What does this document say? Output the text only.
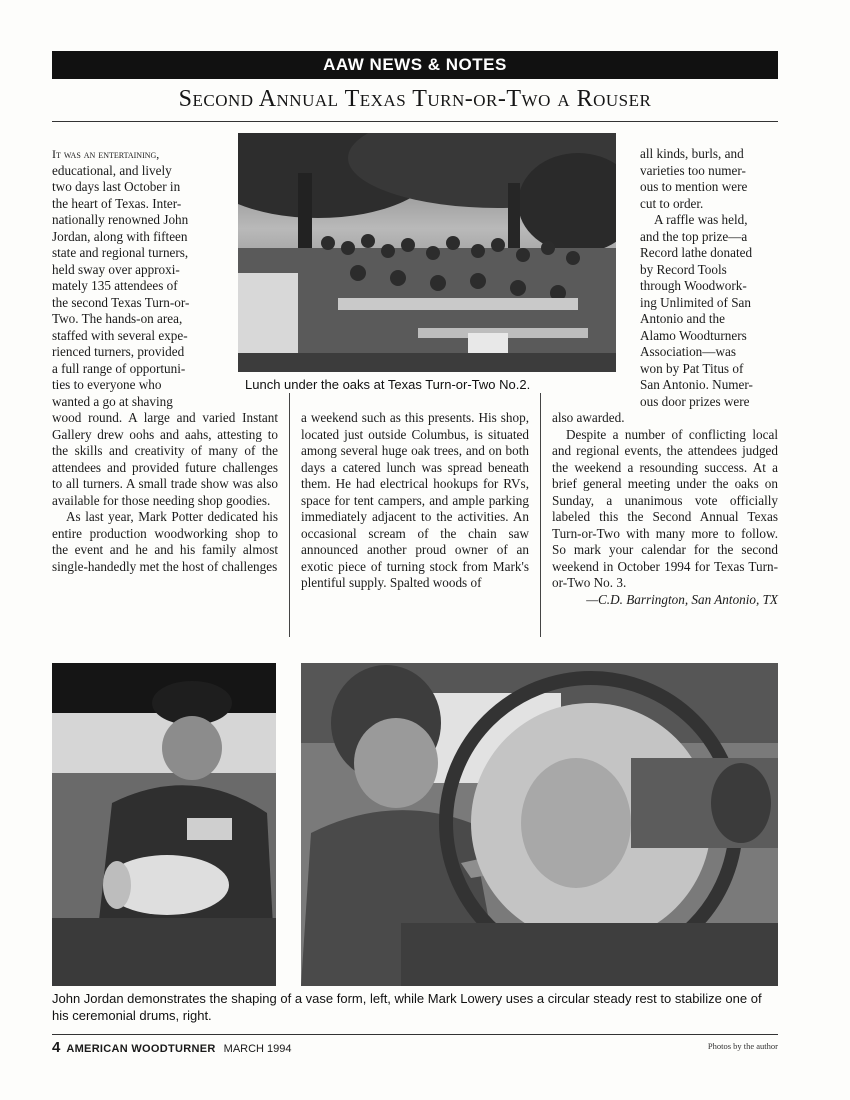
AAW NEWS & NOTES
Second Annual Texas Turn-or-Two a Rouser

It was an entertaining,
educational, and lively
two days last October in
the heart of Texas. Inter-
nationally renowned John
Jordan, along with fifteen
state and regional turners,
held sway over approxi-
mately 135 attendees of
the second Texas Turn-or-
Two. The hands-on area,
staffed with several expe-
rienced turners, provided
a full range of opportuni-
ties to everyone who
wanted a go at shaving

Lunch under the oaks at Texas Turn-or-Two No.2.

all kinds, burls, and
varieties too numer-
ous to mention were
cut to order.

A raffle was held,
and the top prize—a
Record lathe donated
by Record Tools
through Woodwork-
ing Unlimited of San
Antonio and the
Alamo Woodturners
Association—was
won by Pat Titus of
San Antonio. Numer-
ous door prizes were

wood round. A large and varied Instant Gallery drew oohs and aahs, attesting to the skills and creativity of many of the attendees and provided future challenges to all turners. A small trade show was also available for those needing shop goodies.

As last year, Mark Potter dedicated his entire production woodworking shop to the event and he and his family almost single-handedly met the host of challenges

a weekend such as this presents. His shop, located just outside Columbus, is situated among several huge oak trees, and on both days a catered lunch was spread beneath them. He had electrical hookups for RVs, space for tent campers, and ample parking immediately adjacent to the activities. An occasional scream of the chain saw announced another proud owner of an exotic piece of turning stock from Mark's plentiful supply. Spalted woods of

also awarded.

Despite a number of conflicting local and regional events, the attendees judged the weekend a resounding success. At a brief general meeting under the oaks on Sunday, a unanimous vote officially labeled this the Second Annual Texas Turn-or-Two with many more to follow. So mark your calendar for the second weekend in October 1994 for Texas Turn-or-Two No. 3.

—C.D. Barrington, San Antonio, TX

John Jordan demonstrates the shaping of a vase form, left, while Mark Lowery uses a circular steady rest to stabilize one of his ceremonial drums, right.
4 AMERICAN WOODTURNER MARCH 1994	Photos by the author
